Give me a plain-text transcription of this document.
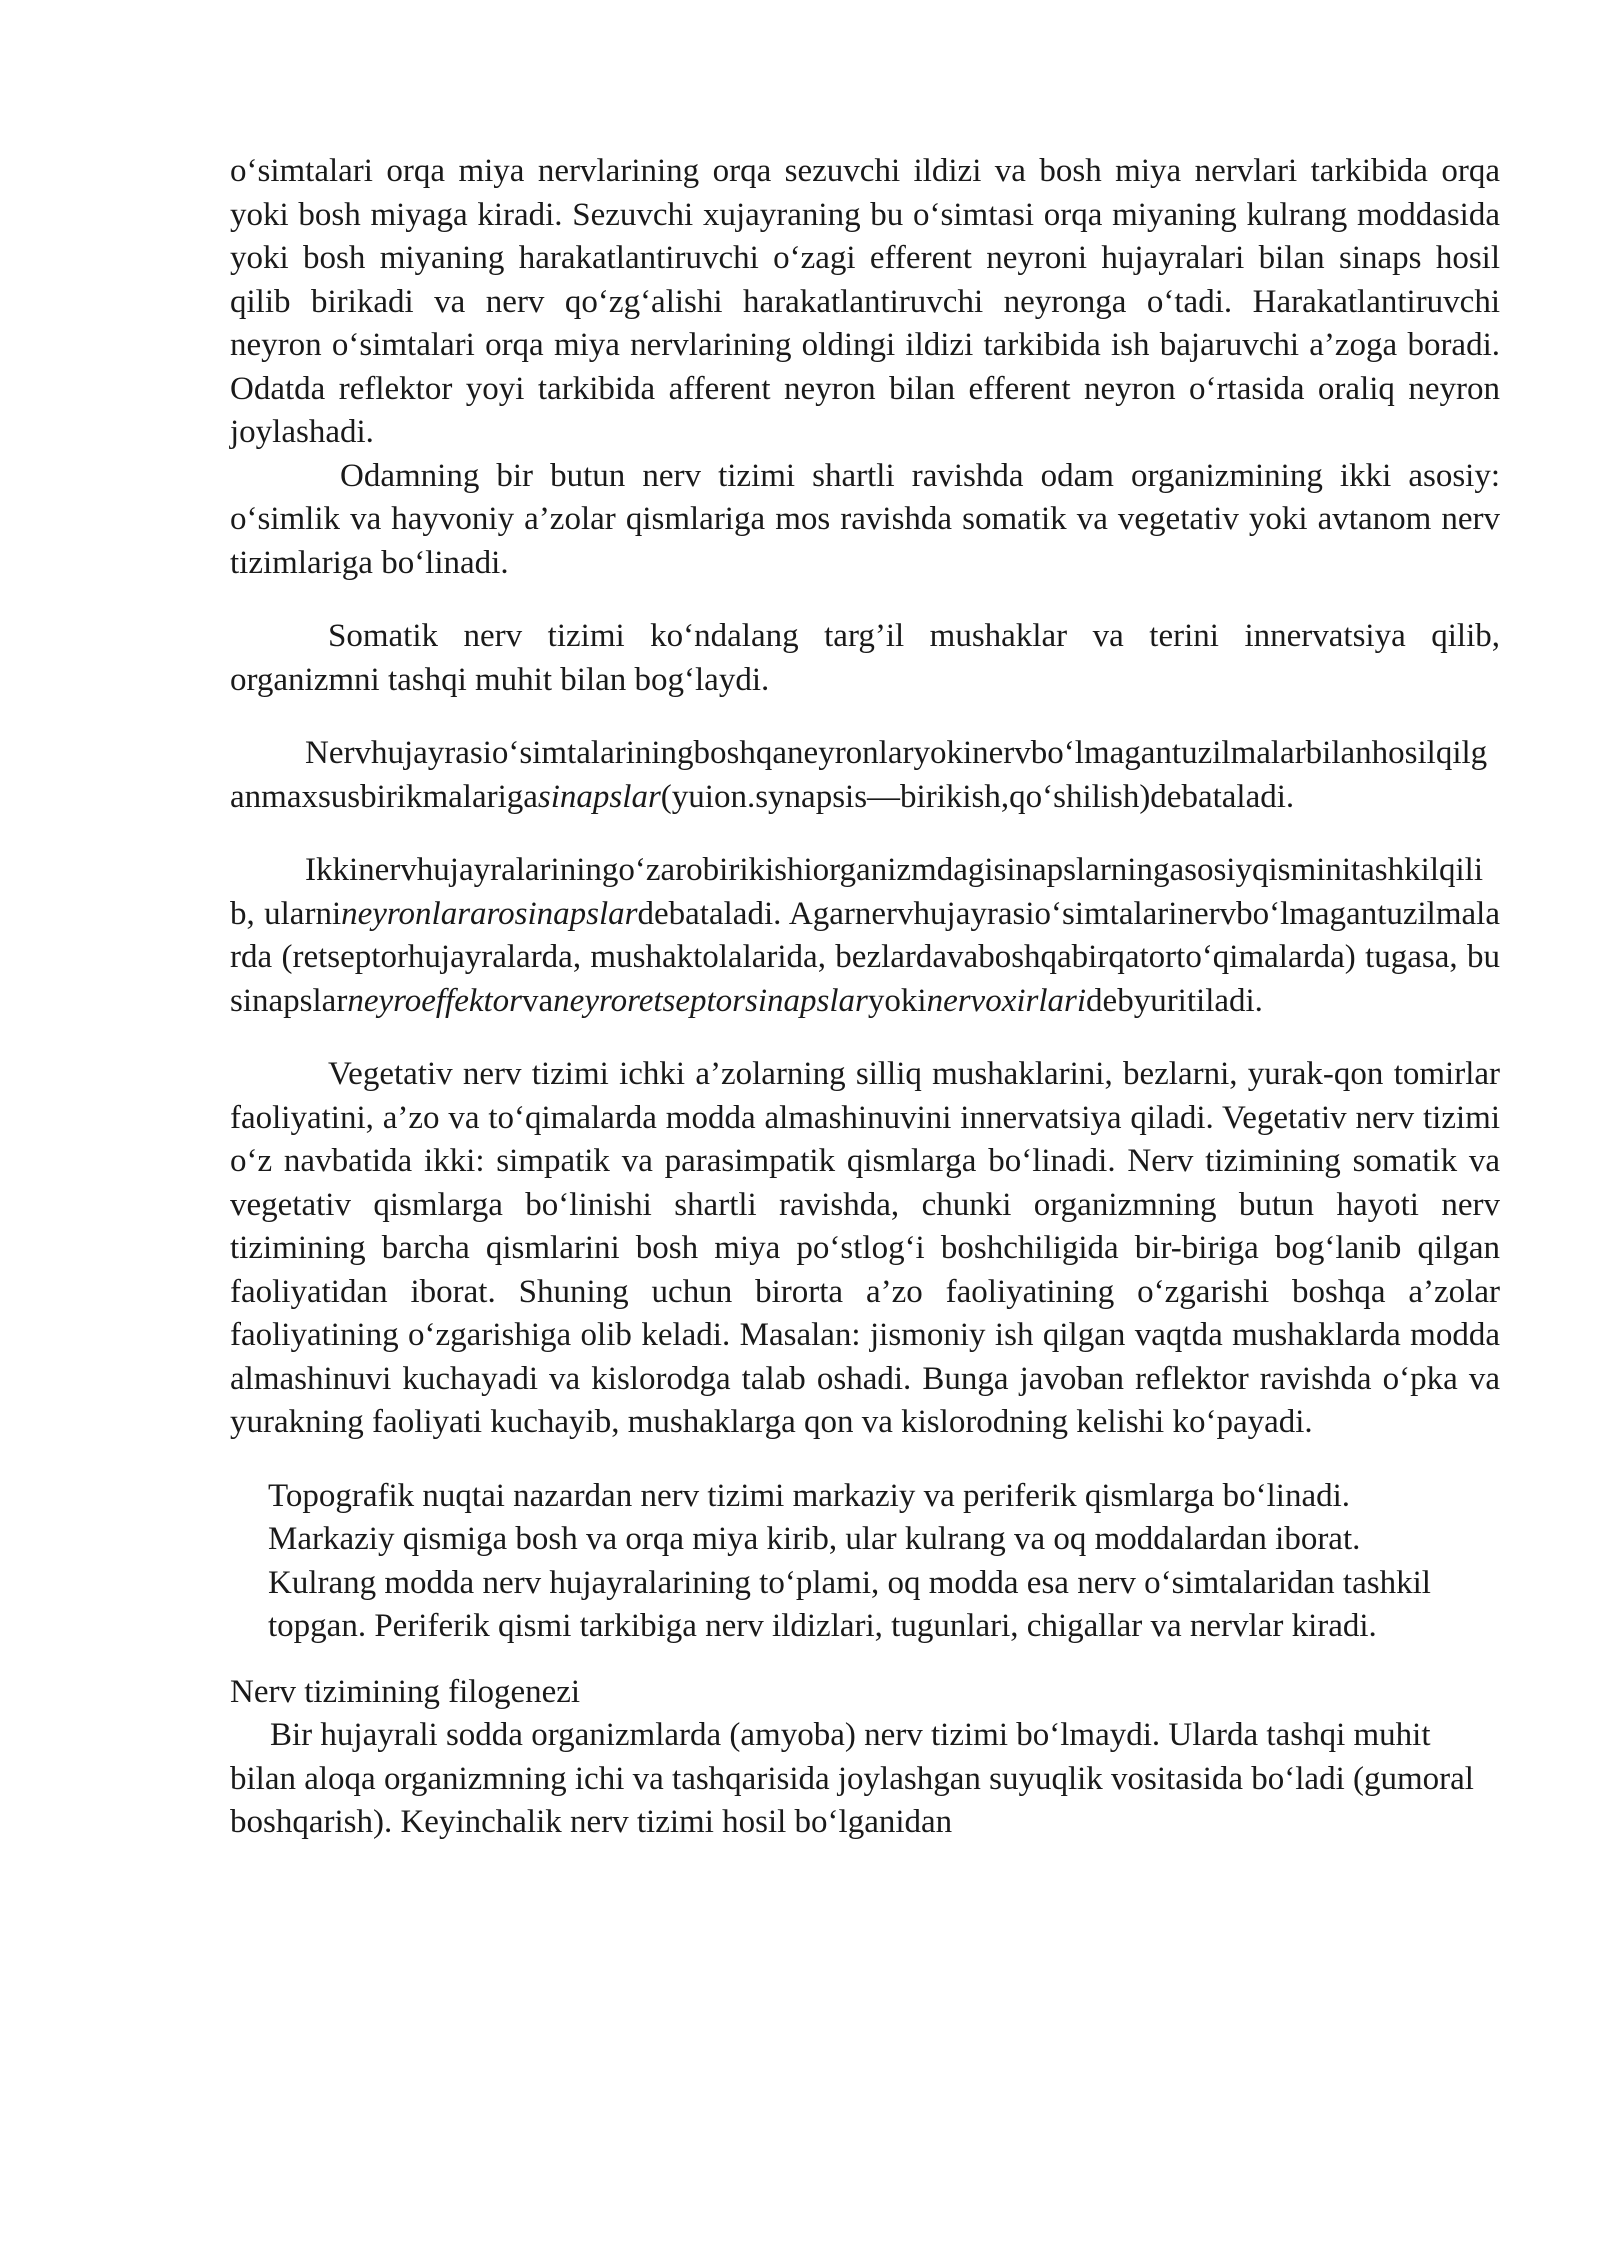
o‘simtalari orqa miya nervlarining orqa sezuvchi ildizi va bosh miya nervlari tarkibida orqa yoki bosh miyaga kiradi. Sezuvchi xujayraning bu o‘simtasi orqa miyaning kulrang moddasida yoki bosh miyaning harakatlantiruvchi o‘zagi efferent neyroni hujayralari bilan sinaps hosil qilib birikadi va nerv qo‘zg‘alishi harakatlantiruvchi neyronga o‘tadi. Harakatlantiruvchi neyron o‘simtalari orqa miya nervlarining oldingi ildizi tarkibida ish bajaruvchi a’zoga boradi. Odatda reflektor yoyi tarkibida afferent neyron bilan efferent neyron o‘rtasida oraliq neyron joylashadi.

Odamning bir butun nerv tizimi shartli ravishda odam organizmining ikki asosiy: o‘simlik va hayvoniy a’zolar qismlariga mos ravishda somatik va vegetativ yoki avtanom nerv tizimlariga bo‘linadi.

Somatik nerv tizimi ko‘ndalang targ’il mushaklar va terini innervatsiya qilib, organizmni tashqi muhit bilan bog‘laydi.

Nervhujayrasio‘simtalariningboshqaneyronlaryokinervbo‘lmagantuzilmalarbilanhosilqilganmaxsusbirikmalarigasinapslar(yuion. synapsis — birikish, qo‘shilish) debataladi.

Ikkinervhujayralariningo‘zarobirikishiorganizmdagisinapslarningasosiyqisminitashkilqilib, ularnineyronlararosinapslardebataladi. Agarnervhujayrasio‘simtalarinervbo‘lmagantuzilmalarda (retseptorhujayralarda, mushaktolalarida, bezlardavaboshqabirqatorto‘qimalarda) tugasa, businapslarneyroeffektorvaneyroretseptorsinapslaryokinervoxirlaridebyuritiladi.

Vegetativ nerv tizimi ichki a’zolarning silliq mushaklarini, bezlarni, yurak-qon tomirlar faoliyatini, a’zo va to‘qimalarda modda almashinuvini innervatsiya qiladi. Vegetativ nerv tizimi o‘z navbatida ikki: simpatik va parasimpatik qismlarga bo‘linadi. Nerv tizimining somatik va vegetativ qismlarga bo‘linishi shartli ravishda, chunki organizmning butun hayoti nerv tizimining barcha qismlarini bosh miya po‘stlog‘i boshchiligida bir-biriga bog‘lanib qilgan faoliyatidan iborat. Shuning uchun birorta a’zo faoliyatining o‘zgarishi boshqa a’zolar faoliyatining o‘zgarishiga olib keladi. Masalan: jismoniy ish qilgan vaqtda mushaklarda modda almashinuvi kuchayadi va kislorodga talab oshadi. Bunga javoban reflektor ravishda o‘pka va yurakning faoliyati kuchayib, mushaklarga qon va kislorodning kelishi ko‘payadi.

Topografik nuqtai nazardan nerv tizimi markaziy va periferik qismlarga bo‘linadi. Markaziy qismiga bosh va orqa miya kirib, ular kulrang va oq moddalardan iborat. Kulrang modda nerv hujayralarining to‘plami, oq modda esa nerv o‘simtalaridan tashkil topgan. Periferik qismi tarkibiga nerv ildizlari, tugunlari, chigallar va nervlar kiradi.

Nerv tizimining filogenezi

Bir hujayrali sodda organizmlarda (amyoba) nerv tizimi bo‘lmaydi. Ularda tashqi muhit bilan aloqa organizmning ichi va tashqarisida joylashgan suyuqlik vositasida bo‘ladi (gumoral boshqarish). Keyinchalik nerv tizimi hosil bo‘lganidan
